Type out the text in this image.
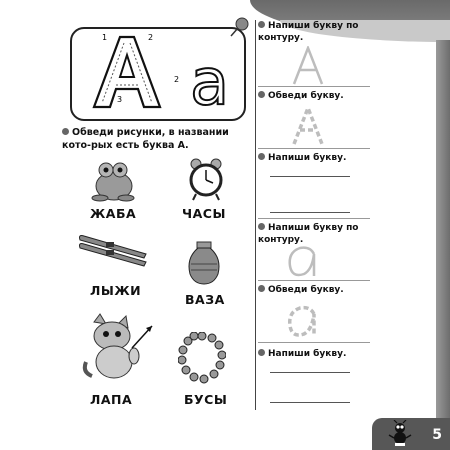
5
а
1	2
3
2
Обведи рисунки, в названии кото-рых есть буква А.
ЖАБА	ЧАСЫ
ЛЫЖИ
ВАЗА
ЛАПА	БУСЫ
Напиши букву по контуру.
Обведи букву.
Напиши букву.
Напиши букву по контуру.
Обведи букву.
Напиши букву.
